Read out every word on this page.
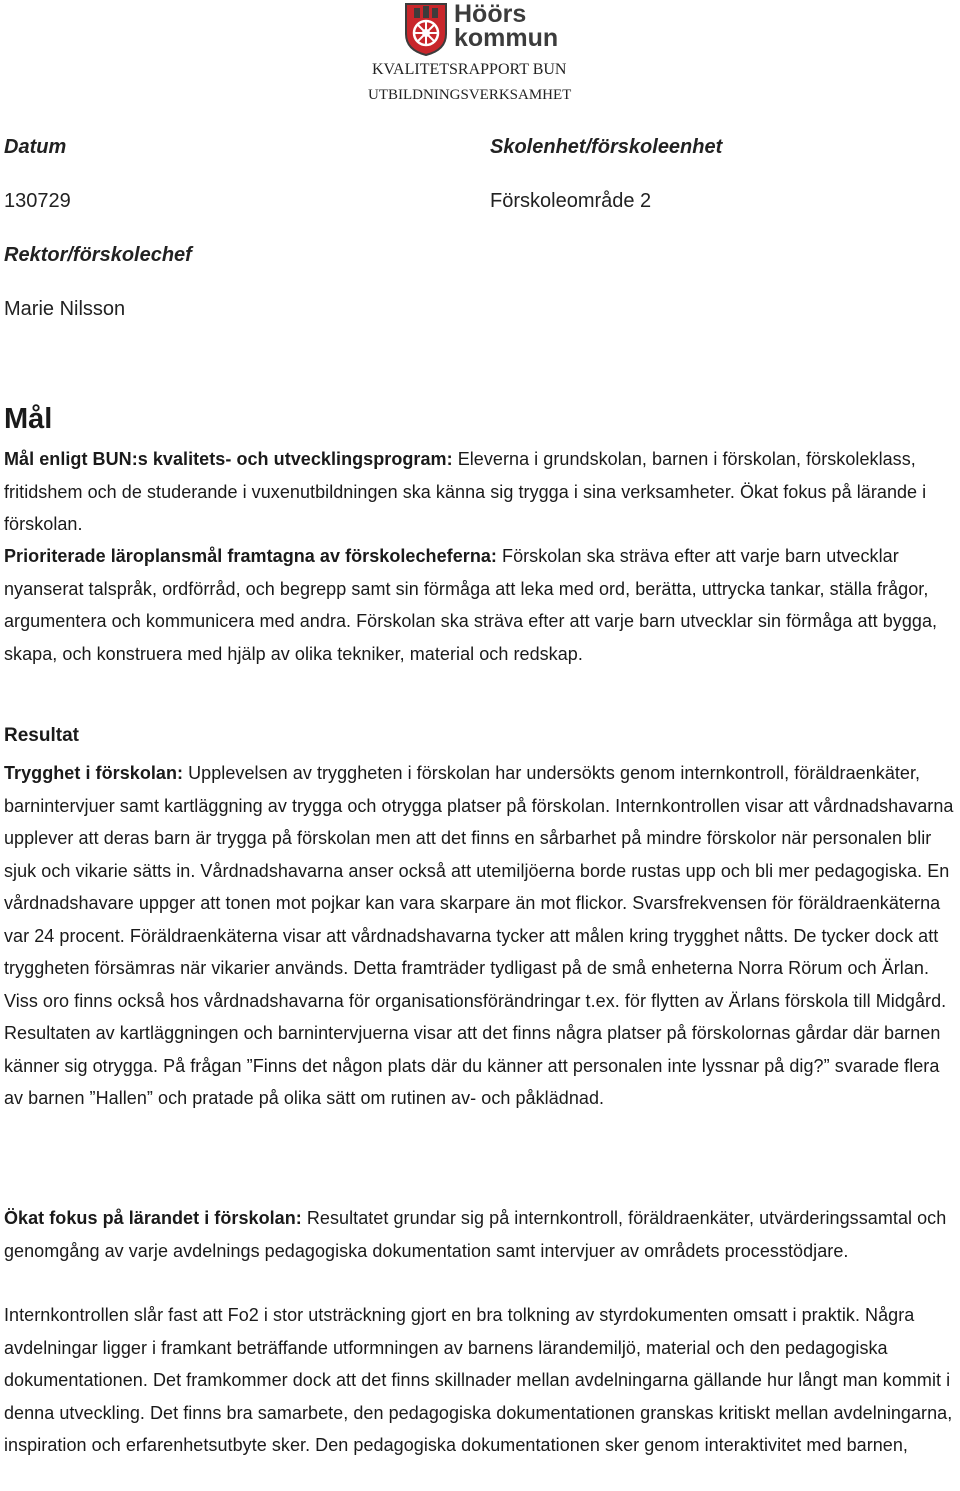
Höörs
kommun
KVALITETSRAPPORT BUN
UTBILDNINGSVERKSAMHET
Datum	Skolenhet/förskoleenhet
130729	Förskoleområde 2
Rektor/förskolechef
Marie Nilsson
Mål
Mål enligt BUN:s kvalitets- och utvecklingsprogram: Eleverna i grundskolan, barnen i förskolan, förskoleklass, fritidshem och de studerande i vuxenutbildningen ska känna sig trygga i sina verksamheter. Ökat fokus på lärande i förskolan.
Prioriterade läroplansmål framtagna av förskolecheferna: Förskolan ska sträva efter att varje barn utvecklar nyanserat talspråk, ordförråd, och begrepp samt sin förmåga att leka med ord, berätta, uttrycka tankar, ställa frågor, argumentera och kommunicera med andra. Förskolan ska sträva efter att varje barn utvecklar sin förmåga att bygga, skapa, och konstruera med hjälp av olika tekniker, material och redskap.
Resultat
Trygghet i förskolan: Upplevelsen av tryggheten i förskolan har undersökts genom internkontroll, föräldraenkäter, barnintervjuer samt kartläggning av trygga och otrygga platser på förskolan. Internkontrollen visar att vårdnadshavarna upplever att deras barn är trygga på förskolan men att det finns en sårbarhet på mindre förskolor när personalen blir sjuk och vikarie sätts in. Vårdnadshavarna anser också att utemiljöerna borde rustas upp och bli mer pedagogiska. En vårdnadshavare uppger att tonen mot pojkar kan vara skarpare än mot flickor. Svarsfrekvensen för föräldraenkäterna var 24 procent. Föräldraenkäterna visar att vårdnadshavarna tycker att målen kring trygghet nåtts. De tycker dock att tryggheten försämras när vikarier används. Detta framträder tydligast på de små enheterna Norra Rörum och Ärlan. Viss oro finns också hos vårdnadshavarna för organisationsförändringar t.ex. för flytten av Ärlans förskola till Midgård. Resultaten av kartläggningen och barnintervjuerna visar att det finns några platser på förskolornas gårdar där barnen känner sig otrygga. På frågan ”Finns det någon plats där du känner att personalen inte lyssnar på dig?” svarade flera av barnen ”Hallen” och pratade på olika sätt om rutinen av- och påklädnad.
Ökat fokus på lärandet i förskolan: Resultatet grundar sig på internkontroll, föräldraenkäter, utvärderingssamtal och genomgång av varje avdelnings pedagogiska dokumentation samt intervjuer av områdets processtödjare.
Internkontrollen slår fast att Fo2 i stor utsträckning gjort en bra tolkning av styrdokumenten omsatt i praktik. Några avdelningar ligger i framkant beträffande utformningen av barnens lärandemiljö, material och den pedagogiska dokumentationen. Det framkommer dock att det finns skillnader mellan avdelningarna gällande hur långt man kommit i denna utveckling. Det finns bra samarbete, den pedagogiska dokumentationen granskas kritiskt mellan avdelningarna, inspiration och erfarenhetsutbyte sker. Den pedagogiska dokumentationen sker genom interaktivitet med barnen,
